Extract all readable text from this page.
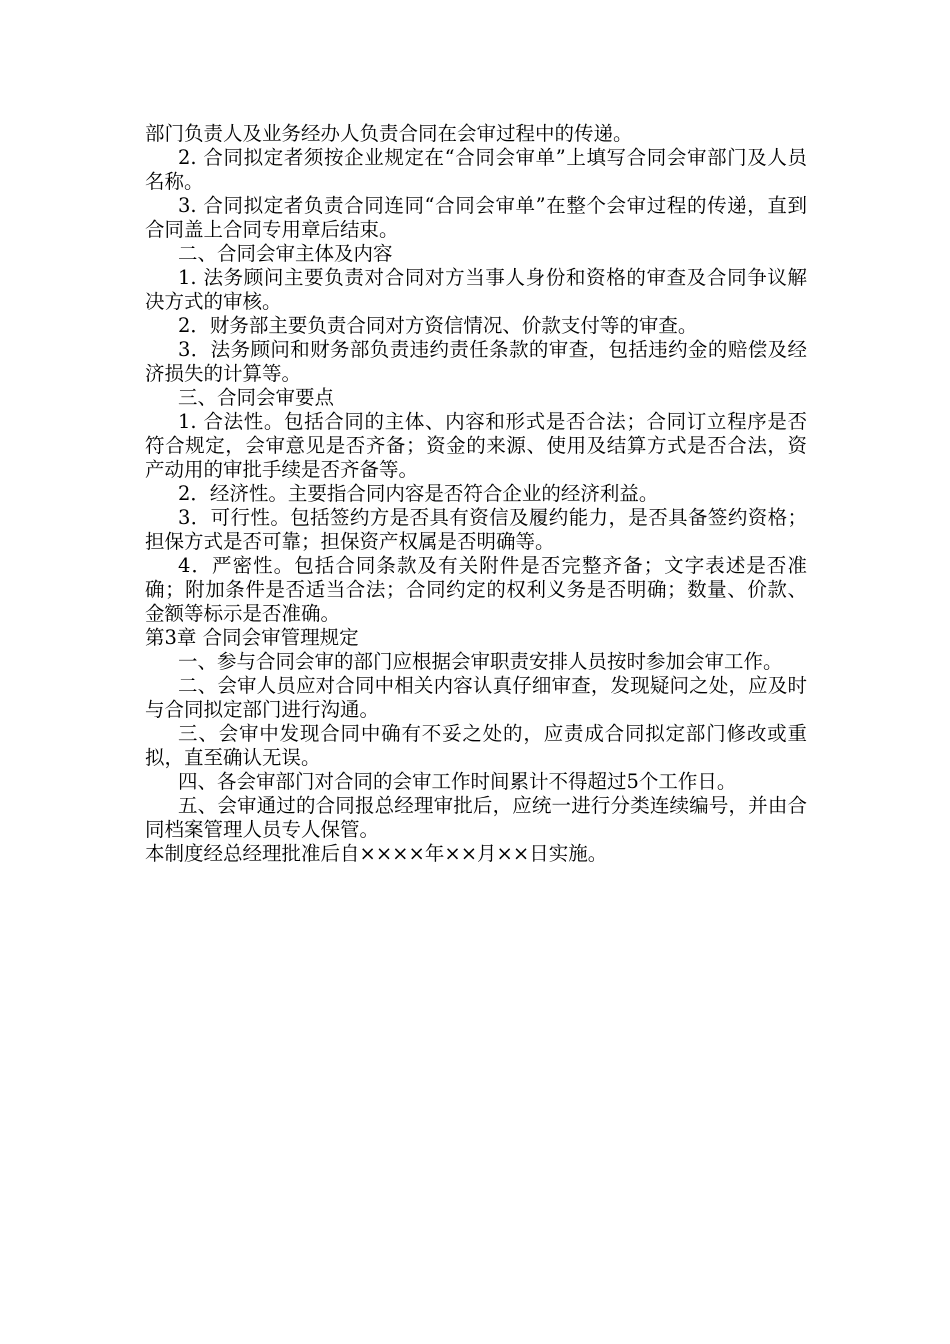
部门负责人及业务经办人负责合同在会审过程中的传递。

2. 合同拟定者须按企业规定在“合同会审单”上填写合同会审部门及人员名称。

3. 合同拟定者负责合同连同“合同会审单”在整个会审过程的传递，直到合同盖上合同专用章后结束。

二、合同会审主体及内容

1. 法务顾问主要负责对合同对方当事人身份和资格的审查及合同争议解决方式的审核。

2．财务部主要负责合同对方资信情况、价款支付等的审查。

3．法务顾问和财务部负责违约责任条款的审查，包括违约金的赔偿及经济损失的计算等。

三、合同会审要点

1. 合法性。包括合同的主体、内容和形式是否合法；合同订立程序是否符合规定，会审意见是否齐备；资金的来源、使用及结算方式是否合法，资产动用的审批手续是否齐备等。

2．经济性。主要指合同内容是否符合企业的经济利益。

3．可行性。包括签约方是否具有资信及履约能力，是否具备签约资格；担保方式是否可靠；担保资产权属是否明确等。

4．严密性。包括合同条款及有关附件是否完整齐备；文字表述是否准确；附加条件是否适当合法；合同约定的权利义务是否明确；数量、价款、金额等标示是否准确。

第3章 合同会审管理规定

一、参与合同会审的部门应根据会审职责安排人员按时参加会审工作。

二、会审人员应对合同中相关内容认真仔细审查，发现疑问之处，应及时与合同拟定部门进行沟通。

三、会审中发现合同中确有不妥之处的，应责成合同拟定部门修改或重拟，直至确认无误。

四、各会审部门对合同的会审工作时间累计不得超过5个工作日。

五、会审通过的合同报总经理审批后，应统一进行分类连续编号，并由合同档案管理人员专人保管。

本制度经总经理批准后自××××年××月××日实施。
